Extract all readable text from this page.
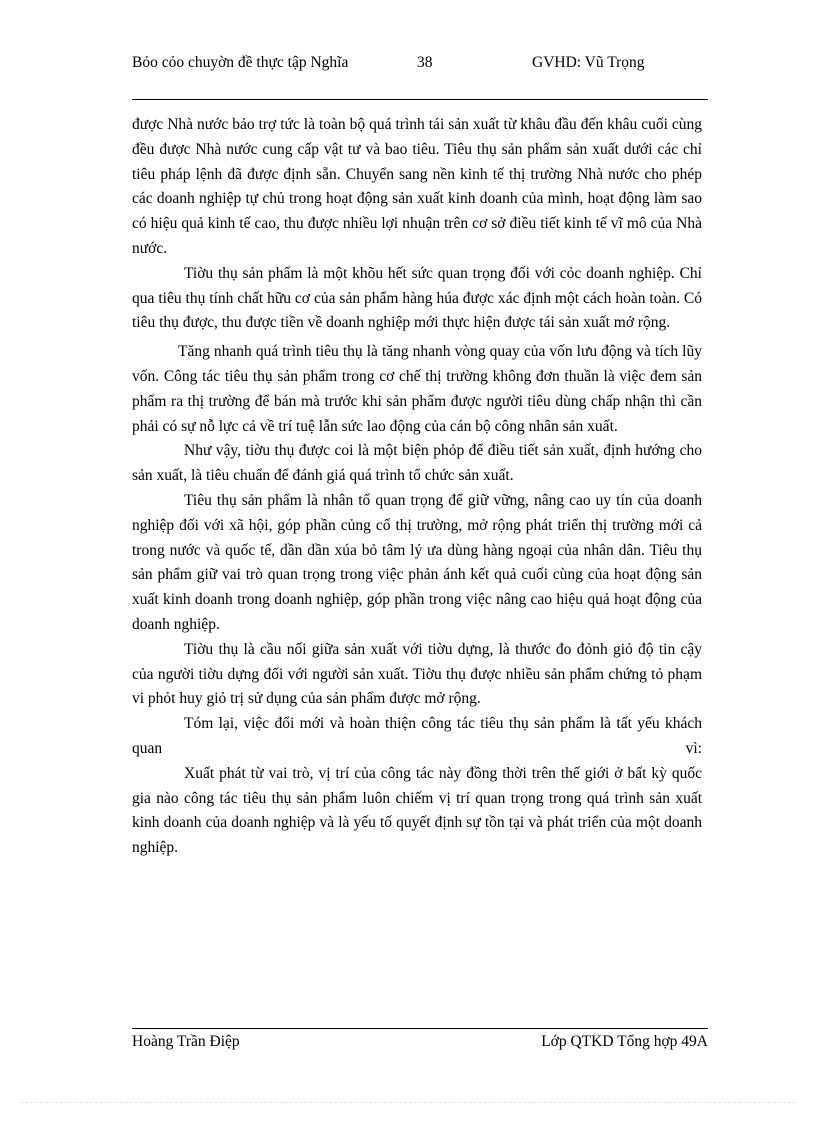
Bỏo cỏo chuyờn đề thực tập Nghĩa	38	GVHD: Vũ Trọng

được Nhà nước bảo trợ tức là toàn bộ quá trình tái sản xuất từ khâu đầu đến khâu cuối cùng đều được Nhà nước cung cấp vật tư và bao tiêu. Tiêu thụ sản phẩm sản xuất dưới các chỉ tiêu pháp lệnh đã được định sẵn. Chuyển sang nền kinh tế thị trường Nhà nước cho phép các doanh nghiệp tự chủ trong hoạt động sản xuất kinh doanh của mình, hoạt động làm sao có hiệu quả kinh tế cao, thu được nhiều lợi nhuận trên cơ sở điều tiết kinh tế vĩ mô của Nhà nước.

Tiờu thụ sản phẩm là một khõu hết sức quan trọng đối với cỏc doanh nghiệp. Chỉ qua tiêu thụ tính chất hữu cơ của sản phẩm hàng húa được xác định một cách hoàn toàn. Có tiêu thụ được, thu được tiền về doanh nghiệp mới thực hiện được tái sản xuất mở rộng.

Tăng nhanh quá trình tiêu thụ là tăng nhanh vòng quay của vốn lưu động và tích lũy vốn. Công tác tiêu thụ sản phẩm trong cơ chế thị trường không đơn thuần là việc đem sản phẩm ra thị trường để bán mà trước khi sản phẩm được người tiêu dùng chấp nhận thì cần phải có sự nỗ lực cả về trí tuệ lẫn sức lao động của cán bộ công nhân sản xuất.

Như vậy, tiờu thụ được coi là một biện phỏp để điều tiết sản xuất, định hướng cho sản xuất, là tiêu chuẩn để đánh giá quá trình tổ chức sản xuất.

Tiêu thụ sản phẩm là nhân tố quan trọng để giữ vững, nâng cao uy tín của doanh nghiệp đối với xã hội, góp phần củng cố thị trường, mở rộng phát triển thị trường mới cả trong nước và quốc tế, dần dần xúa bỏ tâm lý ưa dùng hàng ngoại của nhân dân. Tiêu thụ sản phẩm giữ vai trò quan trọng trong việc phản ánh kết quả cuối cùng của hoạt động sản xuất kinh doanh trong doanh nghiệp, góp phần trong việc nâng cao hiệu quả hoạt động của doanh nghiệp.

Tiờu thụ là cầu nối giữa sản xuất với tiờu dựng, là thước đo đỏnh giỏ độ tin cậy của người tiờu dựng đối với người sản xuất. Tiờu thụ được nhiều sản phẩm chứng tỏ phạm vi phỏt huy giỏ trị sử dụng của sản phẩm được mở rộng.

Tóm lại, việc đổi mới và hoàn thiện công tác tiêu thụ sản phẩm là tất yếu khách quan vì:

Xuất phát từ vai trò, vị trí của công tác này đồng thời trên thế giới ở bất kỳ quốc gia nào công tác tiêu thụ sản phẩm luôn chiếm vị trí quan trọng trong quá trình sản xuất kinh doanh của doanh nghiệp và là yếu tố quyết định sự tồn tại và phát triển của một doanh nghiệp.

Hoàng Trần Điệp	Lớp QTKD Tổng hợp 49A
